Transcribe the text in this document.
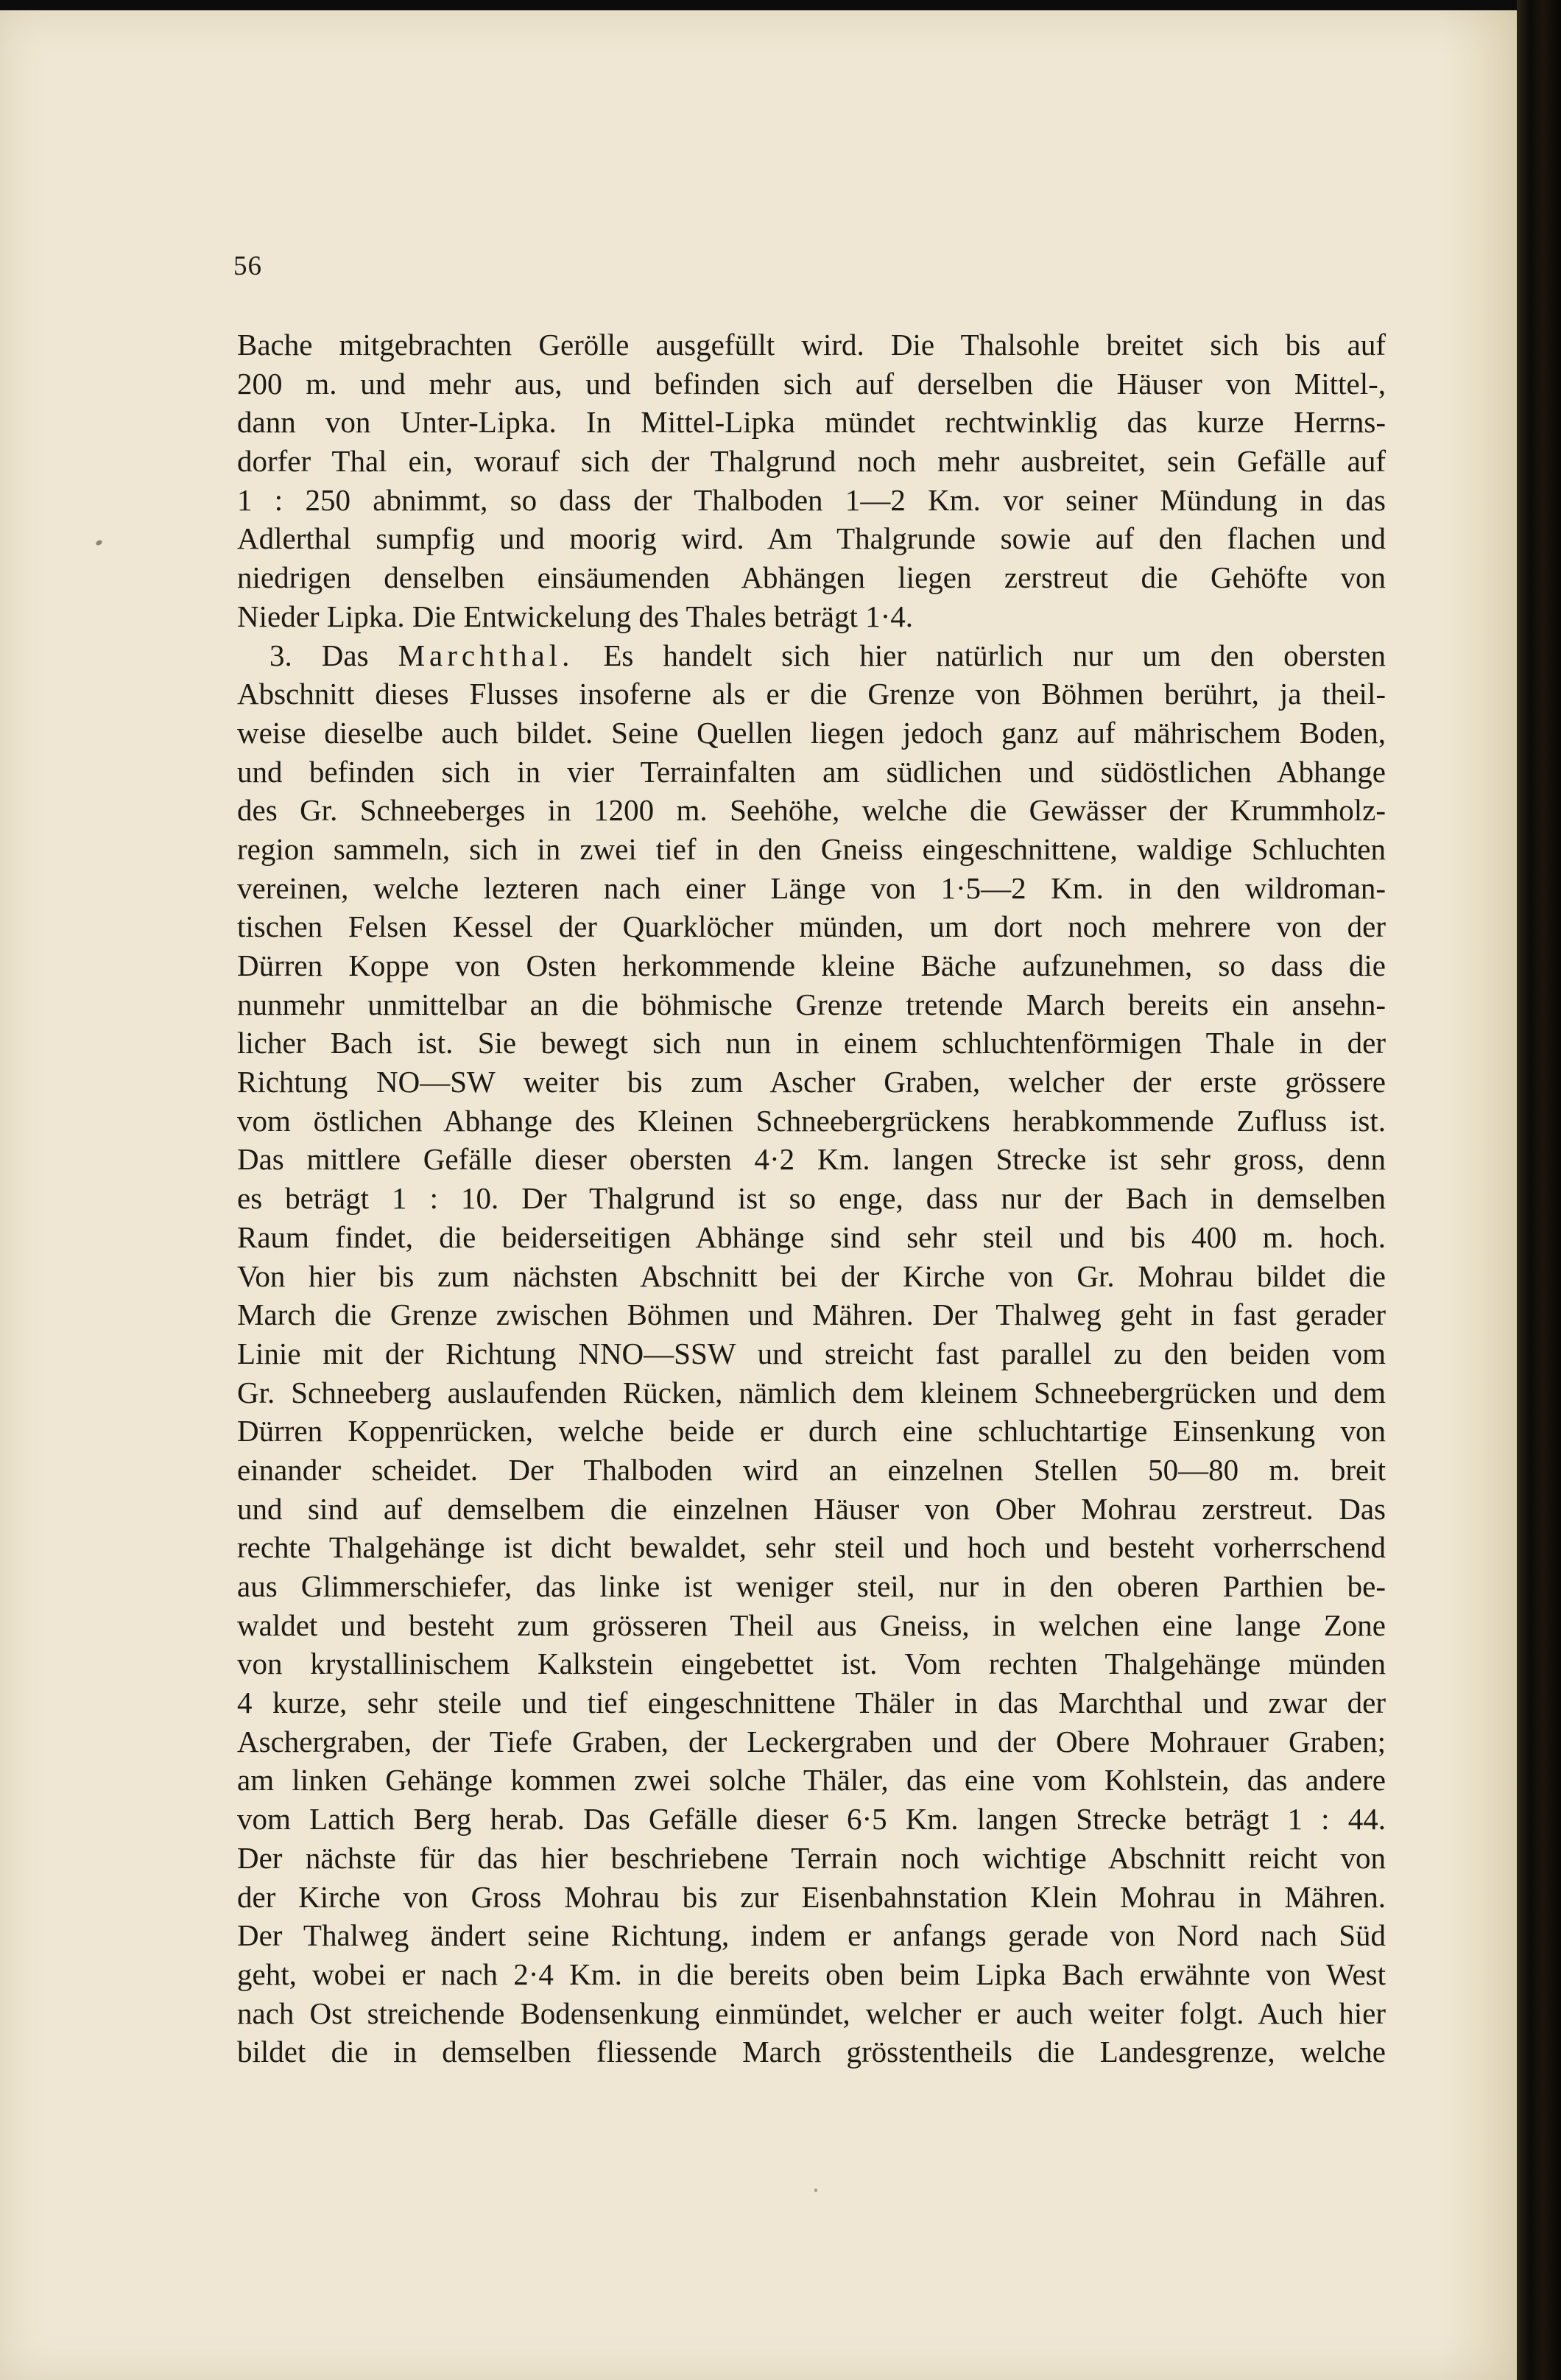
56

Bache mitgebrachten Gerölle ausgefüllt wird. Die Thalsohle breitet sich bis auf
200 m. und mehr aus, und befinden sich auf derselben die Häuser von Mittel-,
dann von Unter-Lipka. In Mittel-Lipka mündet rechtwinklig das kurze Herrns-
dorfer Thal ein, worauf sich der Thalgrund noch mehr ausbreitet, sein Gefälle auf
1 : 250 abnimmt, so dass der Thalboden 1—2 Km. vor seiner Mündung in das
Adlerthal sumpfig und moorig wird. Am Thalgrunde sowie auf den flachen und
niedrigen denselben einsäumenden Abhängen liegen zerstreut die Gehöfte von
Nieder Lipka. Die Entwickelung des Thales beträgt 1·4.
3. Das Marchthal. Es handelt sich hier natürlich nur um den obersten
Abschnitt dieses Flusses insoferne als er die Grenze von Böhmen berührt, ja theil-
weise dieselbe auch bildet. Seine Quellen liegen jedoch ganz auf mährischem Boden,
und befinden sich in vier Terrainfalten am südlichen und südöstlichen Abhange
des Gr. Schneeberges in 1200 m. Seehöhe, welche die Gewässer der Krummholz-
region sammeln, sich in zwei tief in den Gneiss eingeschnittene, waldige Schluchten
vereinen, welche lezteren nach einer Länge von 1·5—2 Km. in den wildroman-
tischen Felsen Kessel der Quarklöcher münden, um dort noch mehrere von der
Dürren Koppe von Osten herkommende kleine Bäche aufzunehmen, so dass die
nunmehr unmittelbar an die böhmische Grenze tretende March bereits ein ansehn-
licher Bach ist. Sie bewegt sich nun in einem schluchtenförmigen Thale in der
Richtung NO—SW weiter bis zum Ascher Graben, welcher der erste grössere
vom östlichen Abhange des Kleinen Schneebergrückens herabkommende Zufluss ist.
Das mittlere Gefälle dieser obersten 4·2 Km. langen Strecke ist sehr gross, denn
es beträgt 1 : 10. Der Thalgrund ist so enge, dass nur der Bach in demselben
Raum findet, die beiderseitigen Abhänge sind sehr steil und bis 400 m. hoch.
Von hier bis zum nächsten Abschnitt bei der Kirche von Gr. Mohrau bildet die
March die Grenze zwischen Böhmen und Mähren. Der Thalweg geht in fast gerader
Linie mit der Richtung NNO—SSW und streicht fast parallel zu den beiden vom
Gr. Schneeberg auslaufenden Rücken, nämlich dem kleinem Schneebergrücken und dem
Dürren Koppenrücken, welche beide er durch eine schluchtartige Einsenkung von
einander scheidet. Der Thalboden wird an einzelnen Stellen 50—80 m. breit
und sind auf demselbem die einzelnen Häuser von Ober Mohrau zerstreut. Das
rechte Thalgehänge ist dicht bewaldet, sehr steil und hoch und besteht vorherrschend
aus Glimmerschiefer, das linke ist weniger steil, nur in den oberen Parthien be-
waldet und besteht zum grösseren Theil aus Gneiss, in welchen eine lange Zone
von krystallinischem Kalkstein eingebettet ist. Vom rechten Thalgehänge münden
4 kurze, sehr steile und tief eingeschnittene Thäler in das Marchthal und zwar der
Aschergraben, der Tiefe Graben, der Leckergraben und der Obere Mohrauer Graben;
am linken Gehänge kommen zwei solche Thäler, das eine vom Kohlstein, das andere
vom Lattich Berg herab. Das Gefälle dieser 6·5 Km. langen Strecke beträgt 1 : 44.
Der nächste für das hier beschriebene Terrain noch wichtige Abschnitt reicht von
der Kirche von Gross Mohrau bis zur Eisenbahnstation Klein Mohrau in Mähren.
Der Thalweg ändert seine Richtung, indem er anfangs gerade von Nord nach Süd
geht, wobei er nach 2·4 Km. in die bereits oben beim Lipka Bach erwähnte von West
nach Ost streichende Bodensenkung einmündet, welcher er auch weiter folgt. Auch hier
bildet die in demselben fliessende March grösstentheils die Landesgrenze, welche
